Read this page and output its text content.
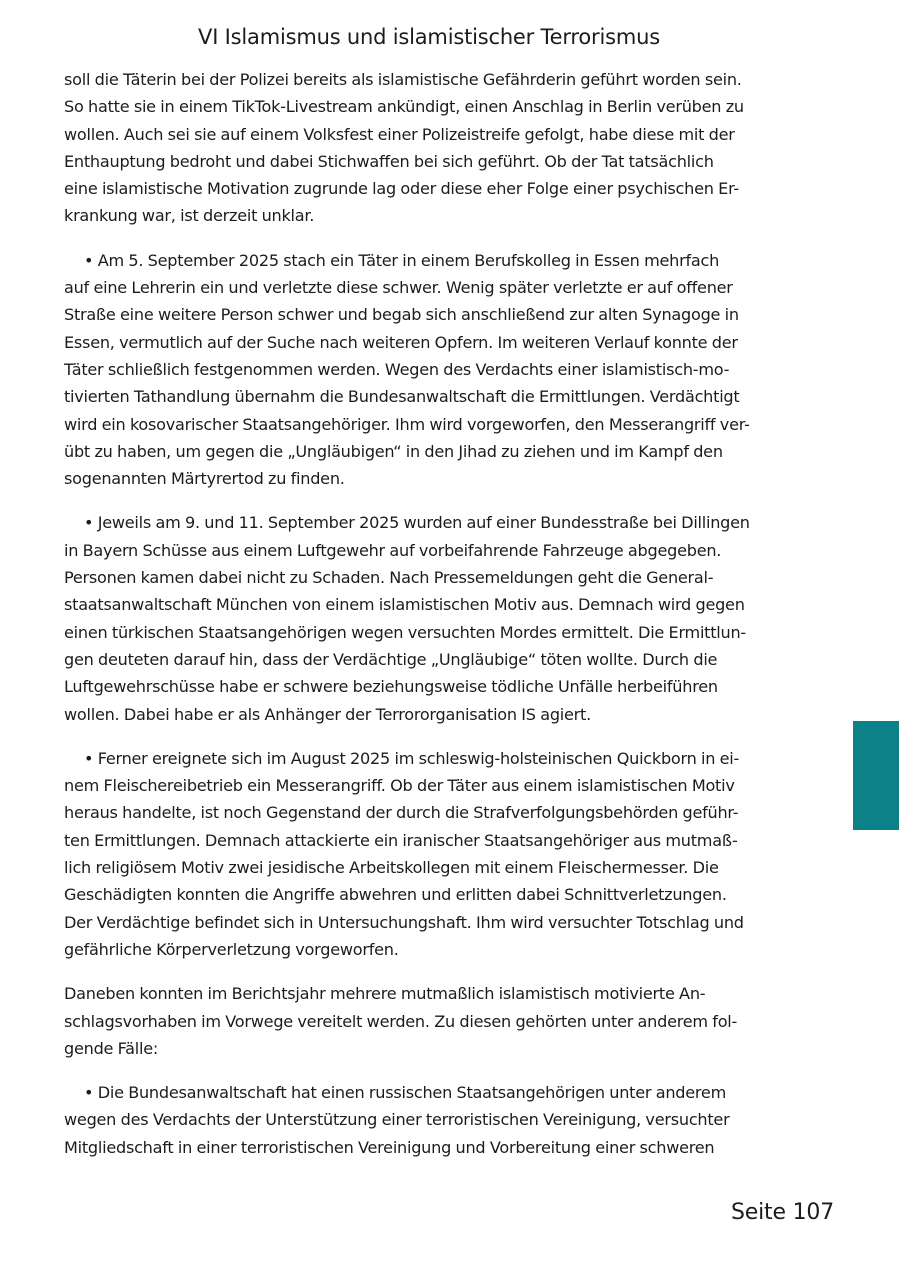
VI Islamismus und islamistischer Terrorismus
soll die Täterin bei der Polizei bereits als islamistische Gefährderin geführt worden sein.
So hatte sie in einem TikTok-Livestream ankündigt, einen Anschlag in Berlin verüben zu
wollen. Auch sei sie auf einem Volksfest einer Polizeistreife gefolgt, habe diese mit der
Enthauptung bedroht und dabei Stichwaffen bei sich geführt. Ob der Tat tatsächlich
eine islamistische Motivation zugrunde lag oder diese eher Folge einer psychischen Er-
krankung war, ist derzeit unklar.
• Am 5. September 2025 stach ein Täter in einem Berufskolleg in Essen mehrfach
auf eine Lehrerin ein und verletzte diese schwer. Wenig später verletzte er auf offener
Straße eine weitere Person schwer und begab sich anschließend zur alten Synagoge in
Essen, vermutlich auf der Suche nach weiteren Opfern. Im weiteren Verlauf konnte der
Täter schließlich festgenommen werden. Wegen des Verdachts einer islamistisch-mo-
tivierten Tathandlung übernahm die Bundesanwaltschaft die Ermittlungen. Verdächtigt
wird ein kosovarischer Staatsangehöriger. Ihm wird vorgeworfen, den Messerangriff ver-
übt zu haben, um gegen die „Ungläubigen“ in den Jihad zu ziehen und im Kampf den
sogenannten Märtyrertod zu finden.
• Jeweils am 9. und 11. September 2025 wurden auf einer Bundesstraße bei Dillingen
in Bayern Schüsse aus einem Luftgewehr auf vorbeifahrende Fahrzeuge abgegeben.
Personen kamen dabei nicht zu Schaden. Nach Pressemeldungen geht die General-
staatsanwaltschaft München von einem islamistischen Motiv aus. Demnach wird gegen
einen türkischen Staatsangehörigen wegen versuchten Mordes ermittelt. Die Ermittlun-
gen deuteten darauf hin, dass der Verdächtige „Ungläubige“ töten wollte. Durch die
Luftgewehrschüsse habe er schwere beziehungsweise tödliche Unfälle herbeiführen
wollen. Dabei habe er als Anhänger der Terrororganisation IS agiert.
• Ferner ereignete sich im August 2025 im schleswig-holsteinischen Quickborn in ei-
nem Fleischereibetrieb ein Messerangriff. Ob der Täter aus einem islamistischen Motiv
heraus handelte, ist noch Gegenstand der durch die Strafverfolgungsbehörden geführ-
ten Ermittlungen. Demnach attackierte ein iranischer Staatsangehöriger aus mutmaß-
lich religiösem Motiv zwei jesidische Arbeitskollegen mit einem Fleischermesser. Die
Geschädigten konnten die Angriffe abwehren und erlitten dabei Schnittverletzungen.
Der Verdächtige befindet sich in Untersuchungshaft. Ihm wird versuchter Totschlag und
gefährliche Körperverletzung vorgeworfen.
Daneben konnten im Berichtsjahr mehrere mutmaßlich islamistisch motivierte An-
schlagsvorhaben im Vorwege vereitelt werden. Zu diesen gehörten unter anderem fol-
gende Fälle:
• Die Bundesanwaltschaft hat einen russischen Staatsangehörigen unter anderem
wegen des Verdachts der Unterstützung einer terroristischen Vereinigung, versuchter
Mitgliedschaft in einer terroristischen Vereinigung und Vorbereitung einer schweren
Seite 107
